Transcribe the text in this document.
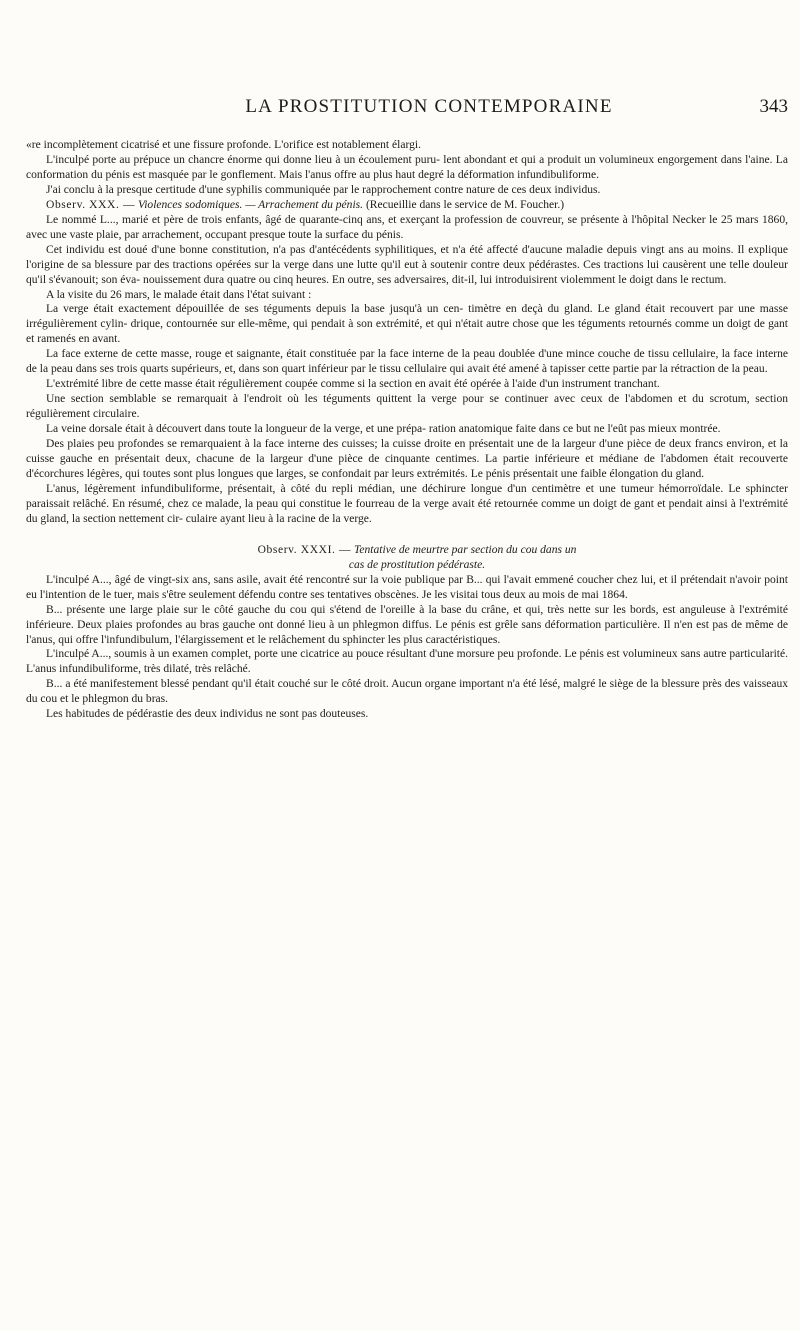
LA PROSTITUTION CONTEMPORAINE	343

«re incomplètement cicatrisé et une fissure profonde. L'orifice est notablement élargi.

L'inculpé porte au prépuce un chancre énorme qui donne lieu à un écoulement puru- lent abondant et qui a produit un volumineux engorgement dans l'aine. La conformation du pénis est masquée par le gonflement. Mais l'anus offre au plus haut degré la déformation infundibuliforme.

J'ai conclu à la presque certitude d'une syphilis communiquée par le rapprochement contre nature de ces deux individus.

Observ. XXX. — Violences sodomiques. — Arrachement du pénis. (Recueillie dans le service de M. Foucher.)

Le nommé L..., marié et père de trois enfants, âgé de quarante-cinq ans, et exerçant la profession de couvreur, se présente à l'hôpital Necker le 25 mars 1860, avec une vaste plaie, par arrachement, occupant presque toute la surface du pénis.

Cet individu est doué d'une bonne constitution, n'a pas d'antécédents syphilitiques, et n'a été affecté d'aucune maladie depuis vingt ans au moins. Il explique l'origine de sa blessure par des tractions opérées sur la verge dans une lutte qu'il eut à soutenir contre deux pédérastes. Ces tractions lui causèrent une telle douleur qu'il s'évanouit; son éva- nouissement dura quatre ou cinq heures. En outre, ses adversaires, dit-il, lui introduisirent violemment le doigt dans le rectum.

A la visite du 26 mars, le malade était dans l'état suivant :

La verge était exactement dépouillée de ses téguments depuis la base jusqu'à un cen- timètre en deçà du gland. Le gland était recouvert par une masse irrégulièrement cylin- drique, contournée sur elle-même, qui pendait à son extrémité, et qui n'était autre chose que les téguments retournés comme un doigt de gant et ramenés en avant.

La face externe de cette masse, rouge et saignante, était constituée par la face interne de la peau doublée d'une mince couche de tissu cellulaire, la face interne de la peau dans ses trois quarts supérieurs, et, dans son quart inférieur par le tissu cellulaire qui avait été amené à tapisser cette partie par la rétraction de la peau.

L'extrémité libre de cette masse était régulièrement coupée comme si la section en avait été opérée à l'aide d'un instrument tranchant.

Une section semblable se remarquait à l'endroit où les téguments quittent la verge pour se continuer avec ceux de l'abdomen et du scrotum, section régulièrement circulaire.

La veine dorsale était à découvert dans toute la longueur de la verge, et une prépa- ration anatomique faite dans ce but ne l'eût pas mieux montrée.

Des plaies peu profondes se remarquaient à la face interne des cuisses; la cuisse droite en présentait une de la largeur d'une pièce de deux francs environ, et la cuisse gauche en présentait deux, chacune de la largeur d'une pièce de cinquante centimes. La partie inférieure et médiane de l'abdomen était recouverte d'écorchures légères, qui toutes sont plus longues que larges, se confondait par leurs extrémités. Le pénis présentait une faible élongation du gland.

L'anus, légèrement infundibuliforme, présentait, à côté du repli médian, une déchirure longue d'un centimètre et une tumeur hémorroïdale. Le sphincter paraissait relâché. En résumé, chez ce malade, la peau qui constitue le fourreau de la verge avait été retournée comme un doigt de gant et pendait ainsi à l'extrémité du gland, la section nettement cir- culaire ayant lieu à la racine de la verge.

Observ. XXXI. — Tentative de meurtre par section du cou dans un
cas de prostitution pédéraste.

L'inculpé A..., âgé de vingt-six ans, sans asile, avait été rencontré sur la voie publique par B... qui l'avait emmené coucher chez lui, et il prétendait n'avoir point eu l'intention de le tuer, mais s'être seulement défendu contre ses tentatives obscènes. Je les visitai tous deux au mois de mai 1864.

B... présente une large plaie sur le côté gauche du cou qui s'étend de l'oreille à la base du crâne, et qui, très nette sur les bords, est anguleuse à l'extrémité inférieure. Deux plaies profondes au bras gauche ont donné lieu à un phlegmon diffus. Le pénis est grêle sans déformation particulière. Il n'en est pas de même de l'anus, qui offre l'infundibulum, l'élargissement et le relâchement du sphincter les plus caractéristiques.

L'inculpé A..., soumis à un examen complet, porte une cicatrice au pouce résultant d'une morsure peu profonde. Le pénis est volumineux sans autre particularité. L'anus infundibuliforme, très dilaté, très relâché.

B... a été manifestement blessé pendant qu'il était couché sur le côté droit. Aucun organe important n'a été lésé, malgré le siège de la blessure près des vaisseaux du cou et le phlegmon du bras.

Les habitudes de pédérastie des deux individus ne sont pas douteuses.
